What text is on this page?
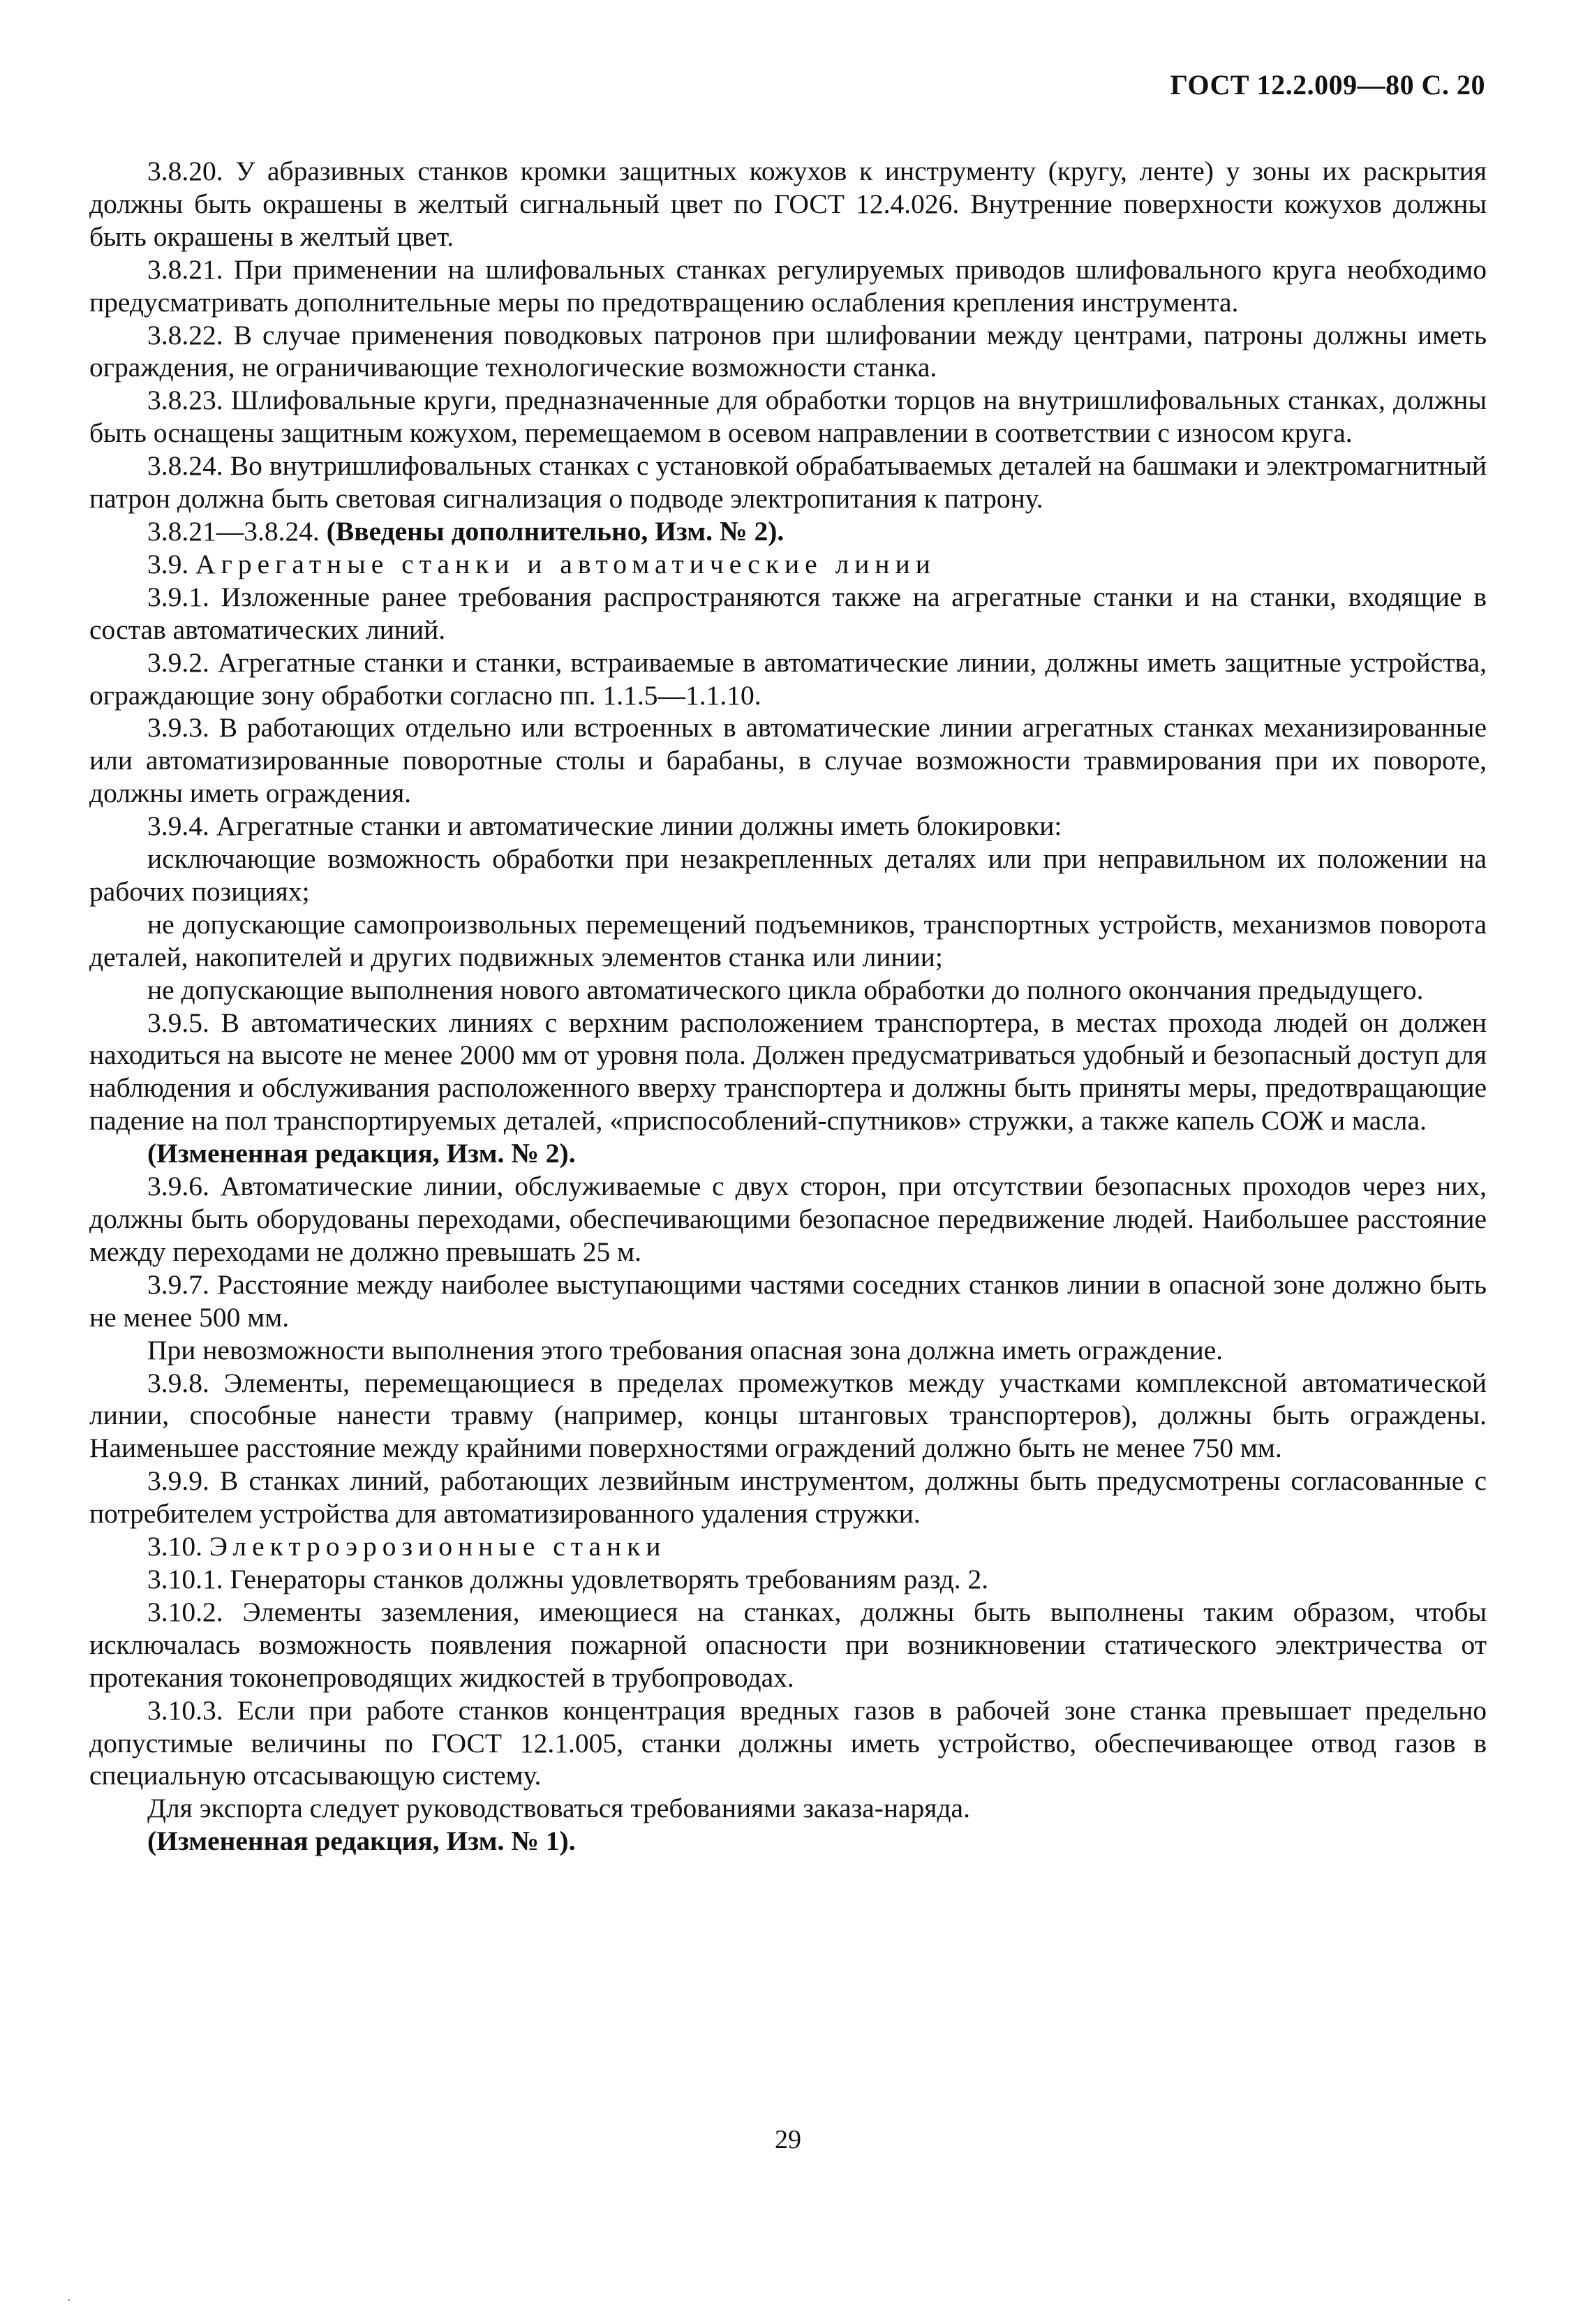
ГОСТ 12.2.009—80 С. 20

3.8.20. У абразивных станков кромки защитных кожухов к инструменту (кругу, ленте) у зоны их раскрытия должны быть окрашены в желтый сигнальный цвет по ГОСТ 12.4.026. Внутренние поверхности кожухов должны быть окрашены в желтый цвет.

3.8.21. При применении на шлифовальных станках регулируемых приводов шлифовального круга необходимо предусматривать дополнительные меры по предотвращению ослабления крепления инструмента.

3.8.22. В случае применения поводковых патронов при шлифовании между центрами, патроны должны иметь ограждения, не ограничивающие технологические возможности станка.

3.8.23. Шлифовальные круги, предназначенные для обработки торцов на внутришлифовальных станках, должны быть оснащены защитным кожухом, перемещаемом в осевом направлении в соответствии с износом круга.

3.8.24. Во внутришлифовальных станках с установкой обрабатываемых деталей на башмаки и электромагнитный патрон должна быть световая сигнализация о подводе электропитания к патрону.

3.8.21—3.8.24. (Введены дополнительно, Изм. № 2).

3.9. Агрегатные станки и автоматические линии

3.9.1. Изложенные ранее требования распространяются также на агрегатные станки и на станки, входящие в состав автоматических линий.

3.9.2. Агрегатные станки и станки, встраиваемые в автоматические линии, должны иметь защитные устройства, ограждающие зону обработки согласно пп. 1.1.5—1.1.10.

3.9.3. В работающих отдельно или встроенных в автоматические линии агрегатных станках механизированные или автоматизированные поворотные столы и барабаны, в случае возможности травмирования при их повороте, должны иметь ограждения.

3.9.4. Агрегатные станки и автоматические линии должны иметь блокировки:

исключающие возможность обработки при незакрепленных деталях или при неправильном их положении на рабочих позициях;

не допускающие самопроизвольных перемещений подъемников, транспортных устройств, механизмов поворота деталей, накопителей и других подвижных элементов станка или линии;

не допускающие выполнения нового автоматического цикла обработки до полного окончания предыдущего.

3.9.5. В автоматических линиях с верхним расположением транспортера, в местах прохода людей он должен находиться на высоте не менее 2000 мм от уровня пола. Должен предусматриваться удобный и безопасный доступ для наблюдения и обслуживания расположенного вверху транспортера и должны быть приняты меры, предотвращающие падение на пол транспортируемых деталей, «приспособлений-спутников» стружки, а также капель СОЖ и масла.

(Измененная редакция, Изм. № 2).

3.9.6. Автоматические линии, обслуживаемые с двух сторон, при отсутствии безопасных проходов через них, должны быть оборудованы переходами, обеспечивающими безопасное передвижение людей. Наибольшее расстояние между переходами не должно превышать 25 м.

3.9.7. Расстояние между наиболее выступающими частями соседних станков линии в опасной зоне должно быть не менее 500 мм.

При невозможности выполнения этого требования опасная зона должна иметь ограждение.

3.9.8. Элементы, перемещающиеся в пределах промежутков между участками комплексной автоматической линии, способные нанести травму (например, концы штанговых транспортеров), должны быть ограждены. Наименьшее расстояние между крайними поверхностями ограждений должно быть не менее 750 мм.

3.9.9. В станках линий, работающих лезвийным инструментом, должны быть предусмотрены согласованные с потребителем устройства для автоматизированного удаления стружки.

3.10. Электроэрозионные станки

3.10.1. Генераторы станков должны удовлетворять требованиям разд. 2.

3.10.2. Элементы заземления, имеющиеся на станках, должны быть выполнены таким образом, чтобы исключалась возможность появления пожарной опасности при возникновении статического электричества от протекания токонепроводящих жидкостей в трубопроводах.

3.10.3. Если при работе станков концентрация вредных газов в рабочей зоне станка превышает предельно допустимые величины по ГОСТ 12.1.005, станки должны иметь устройство, обеспечивающее отвод газов в специальную отсасывающую систему.

Для экспорта следует руководствоваться требованиями заказа-наряда.

(Измененная редакция, Изм. № 1).

29
